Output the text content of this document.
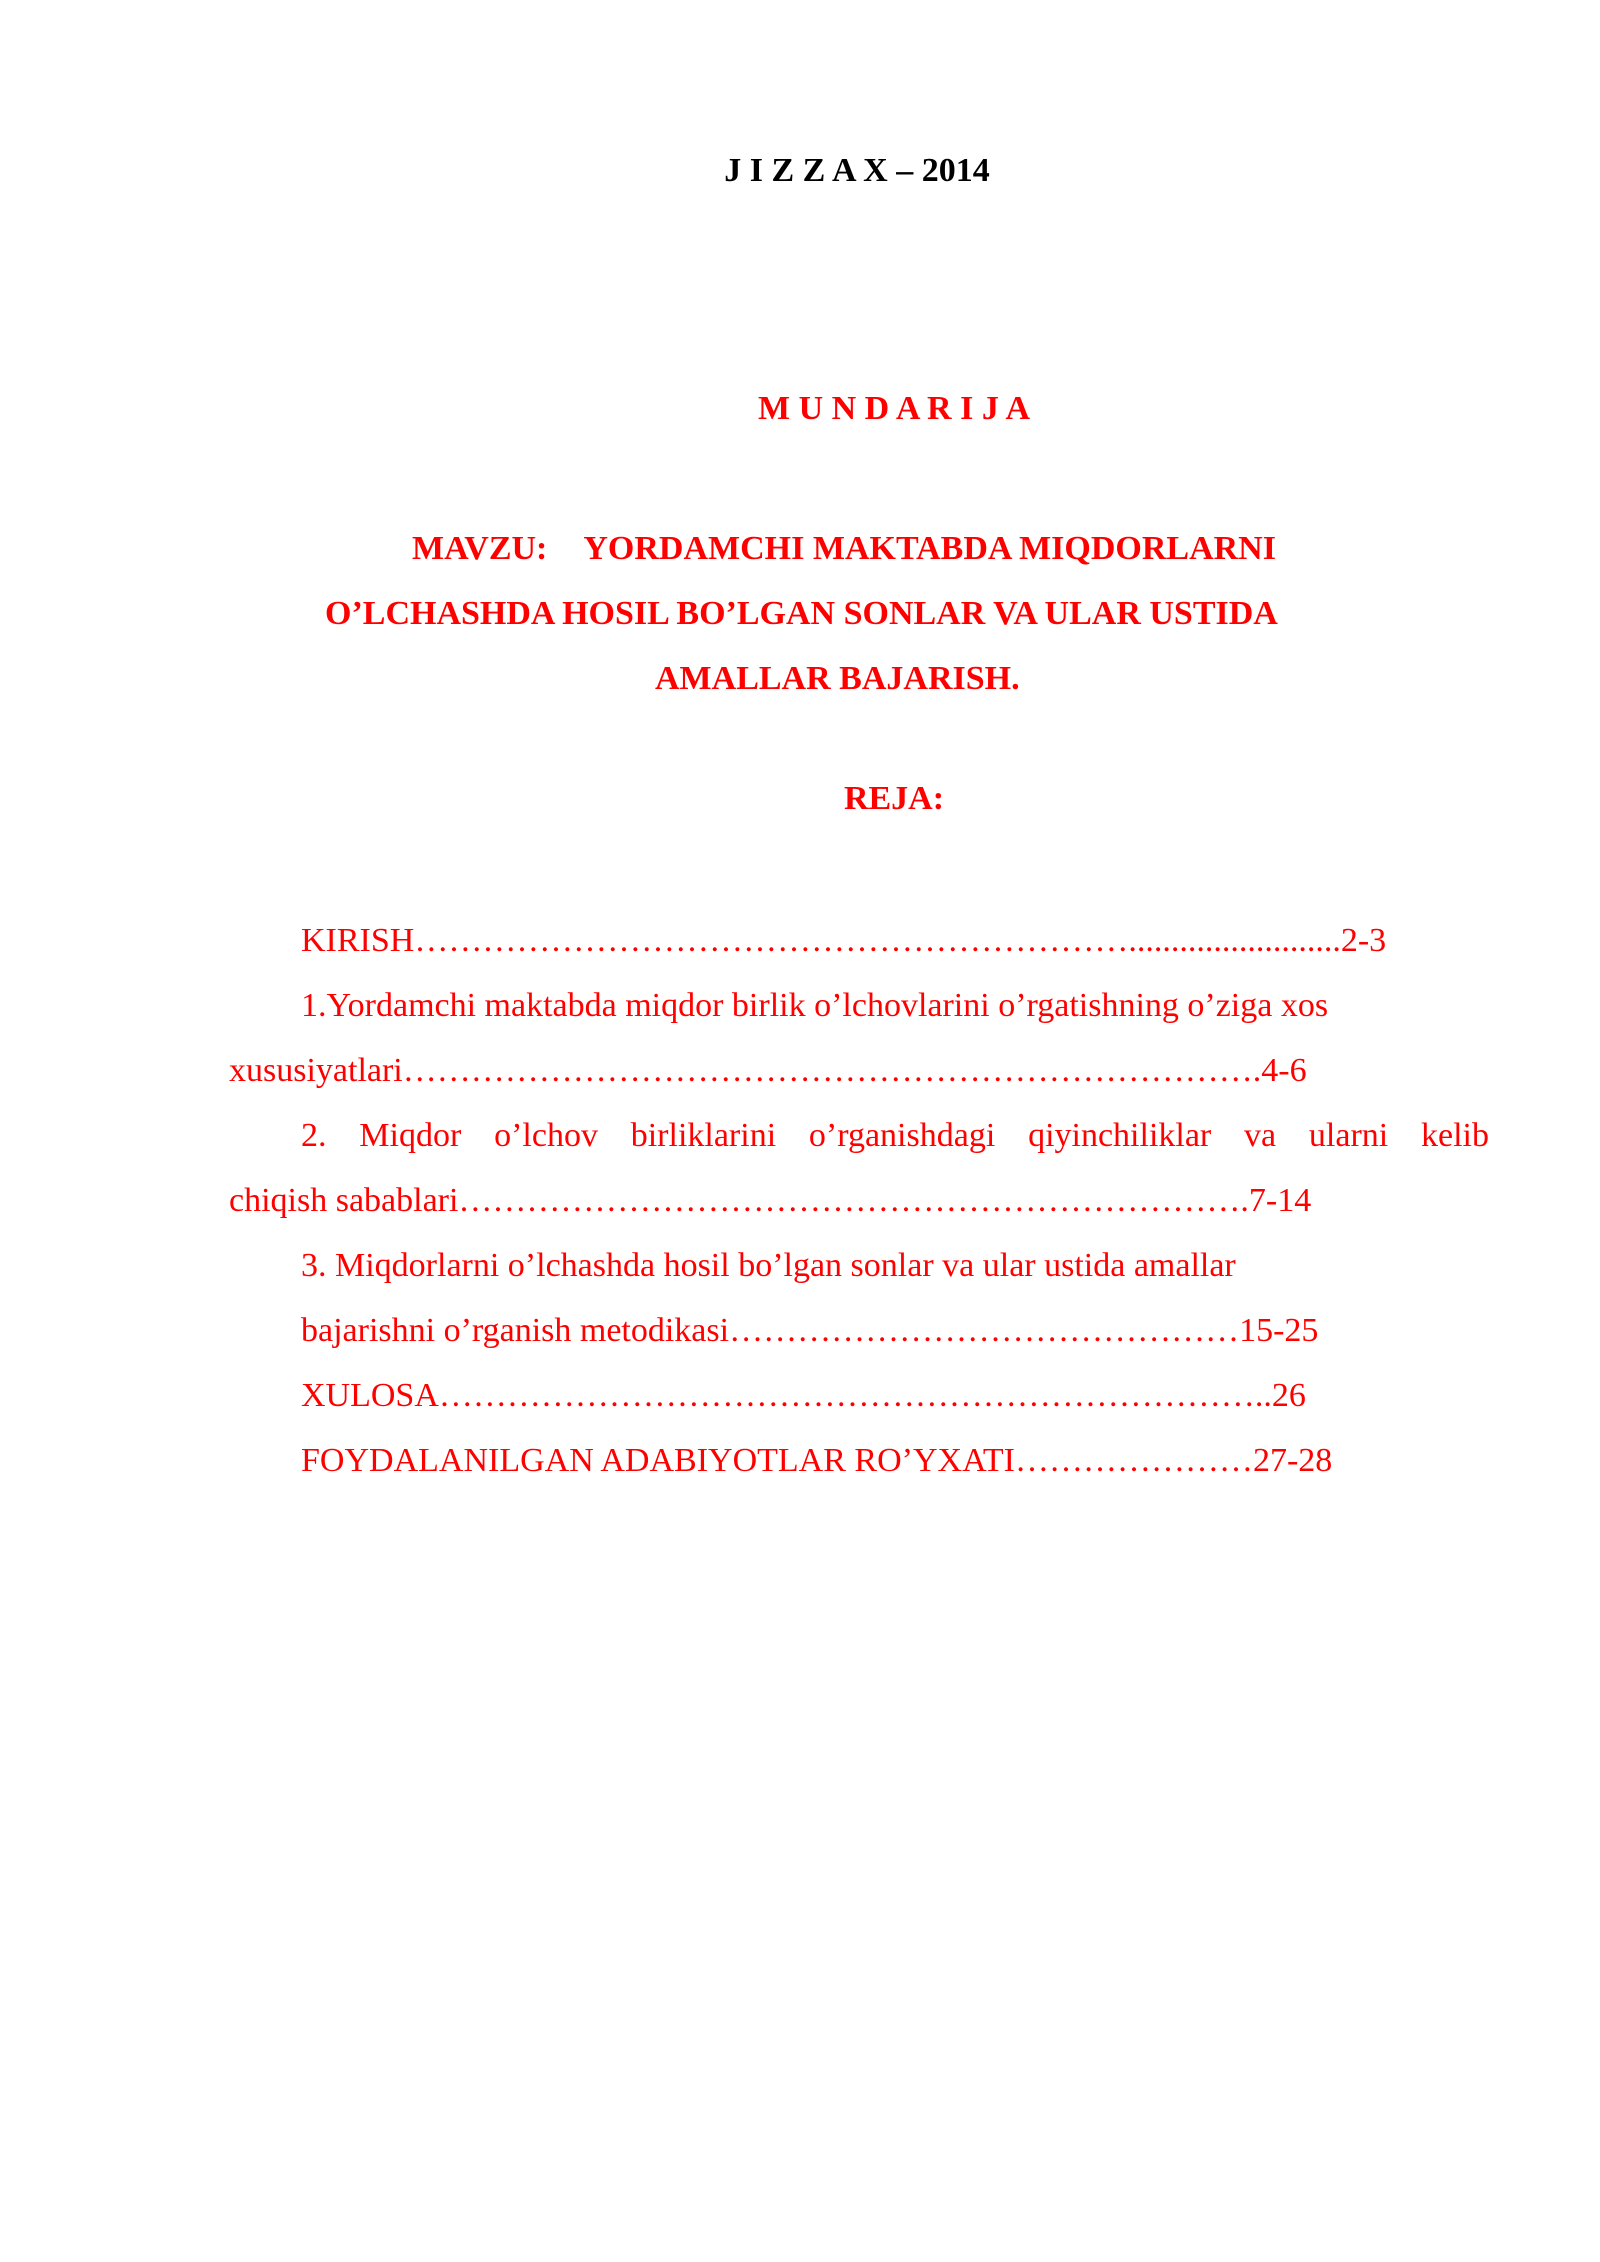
J I Z Z A X – 2014
M U N D A R I J A
MAVZU: YORDAMCHI MAKTABDA MIQDORLARNI
O’LCHASHDA HOSIL BO’LGAN SONLAR VA ULAR USTIDA
AMALLAR BAJARISH.
REJA:
KIRISH……………………………………………………….........................2-3
1.Yordamchi maktabda miqdor birlik o’lchovlarini o’rgatishning o’ziga xos
xususiyatlari………………………………………………………………….4-6
2. Miqdor o’lchov birliklarini o’rganishdagi qiyinchiliklar va ularni kelib
chiqish sabablari…………………………………………………………….7-14
3. Miqdorlarni o’lchashda hosil bo’lgan sonlar va ular ustida amallar
bajarishni o’rganish metodikasi………………………………………15-25
XULOSA………………………………………………………………..26
FOYDALANILGAN ADABIYOTLAR RO’YXATI…………………27-28
